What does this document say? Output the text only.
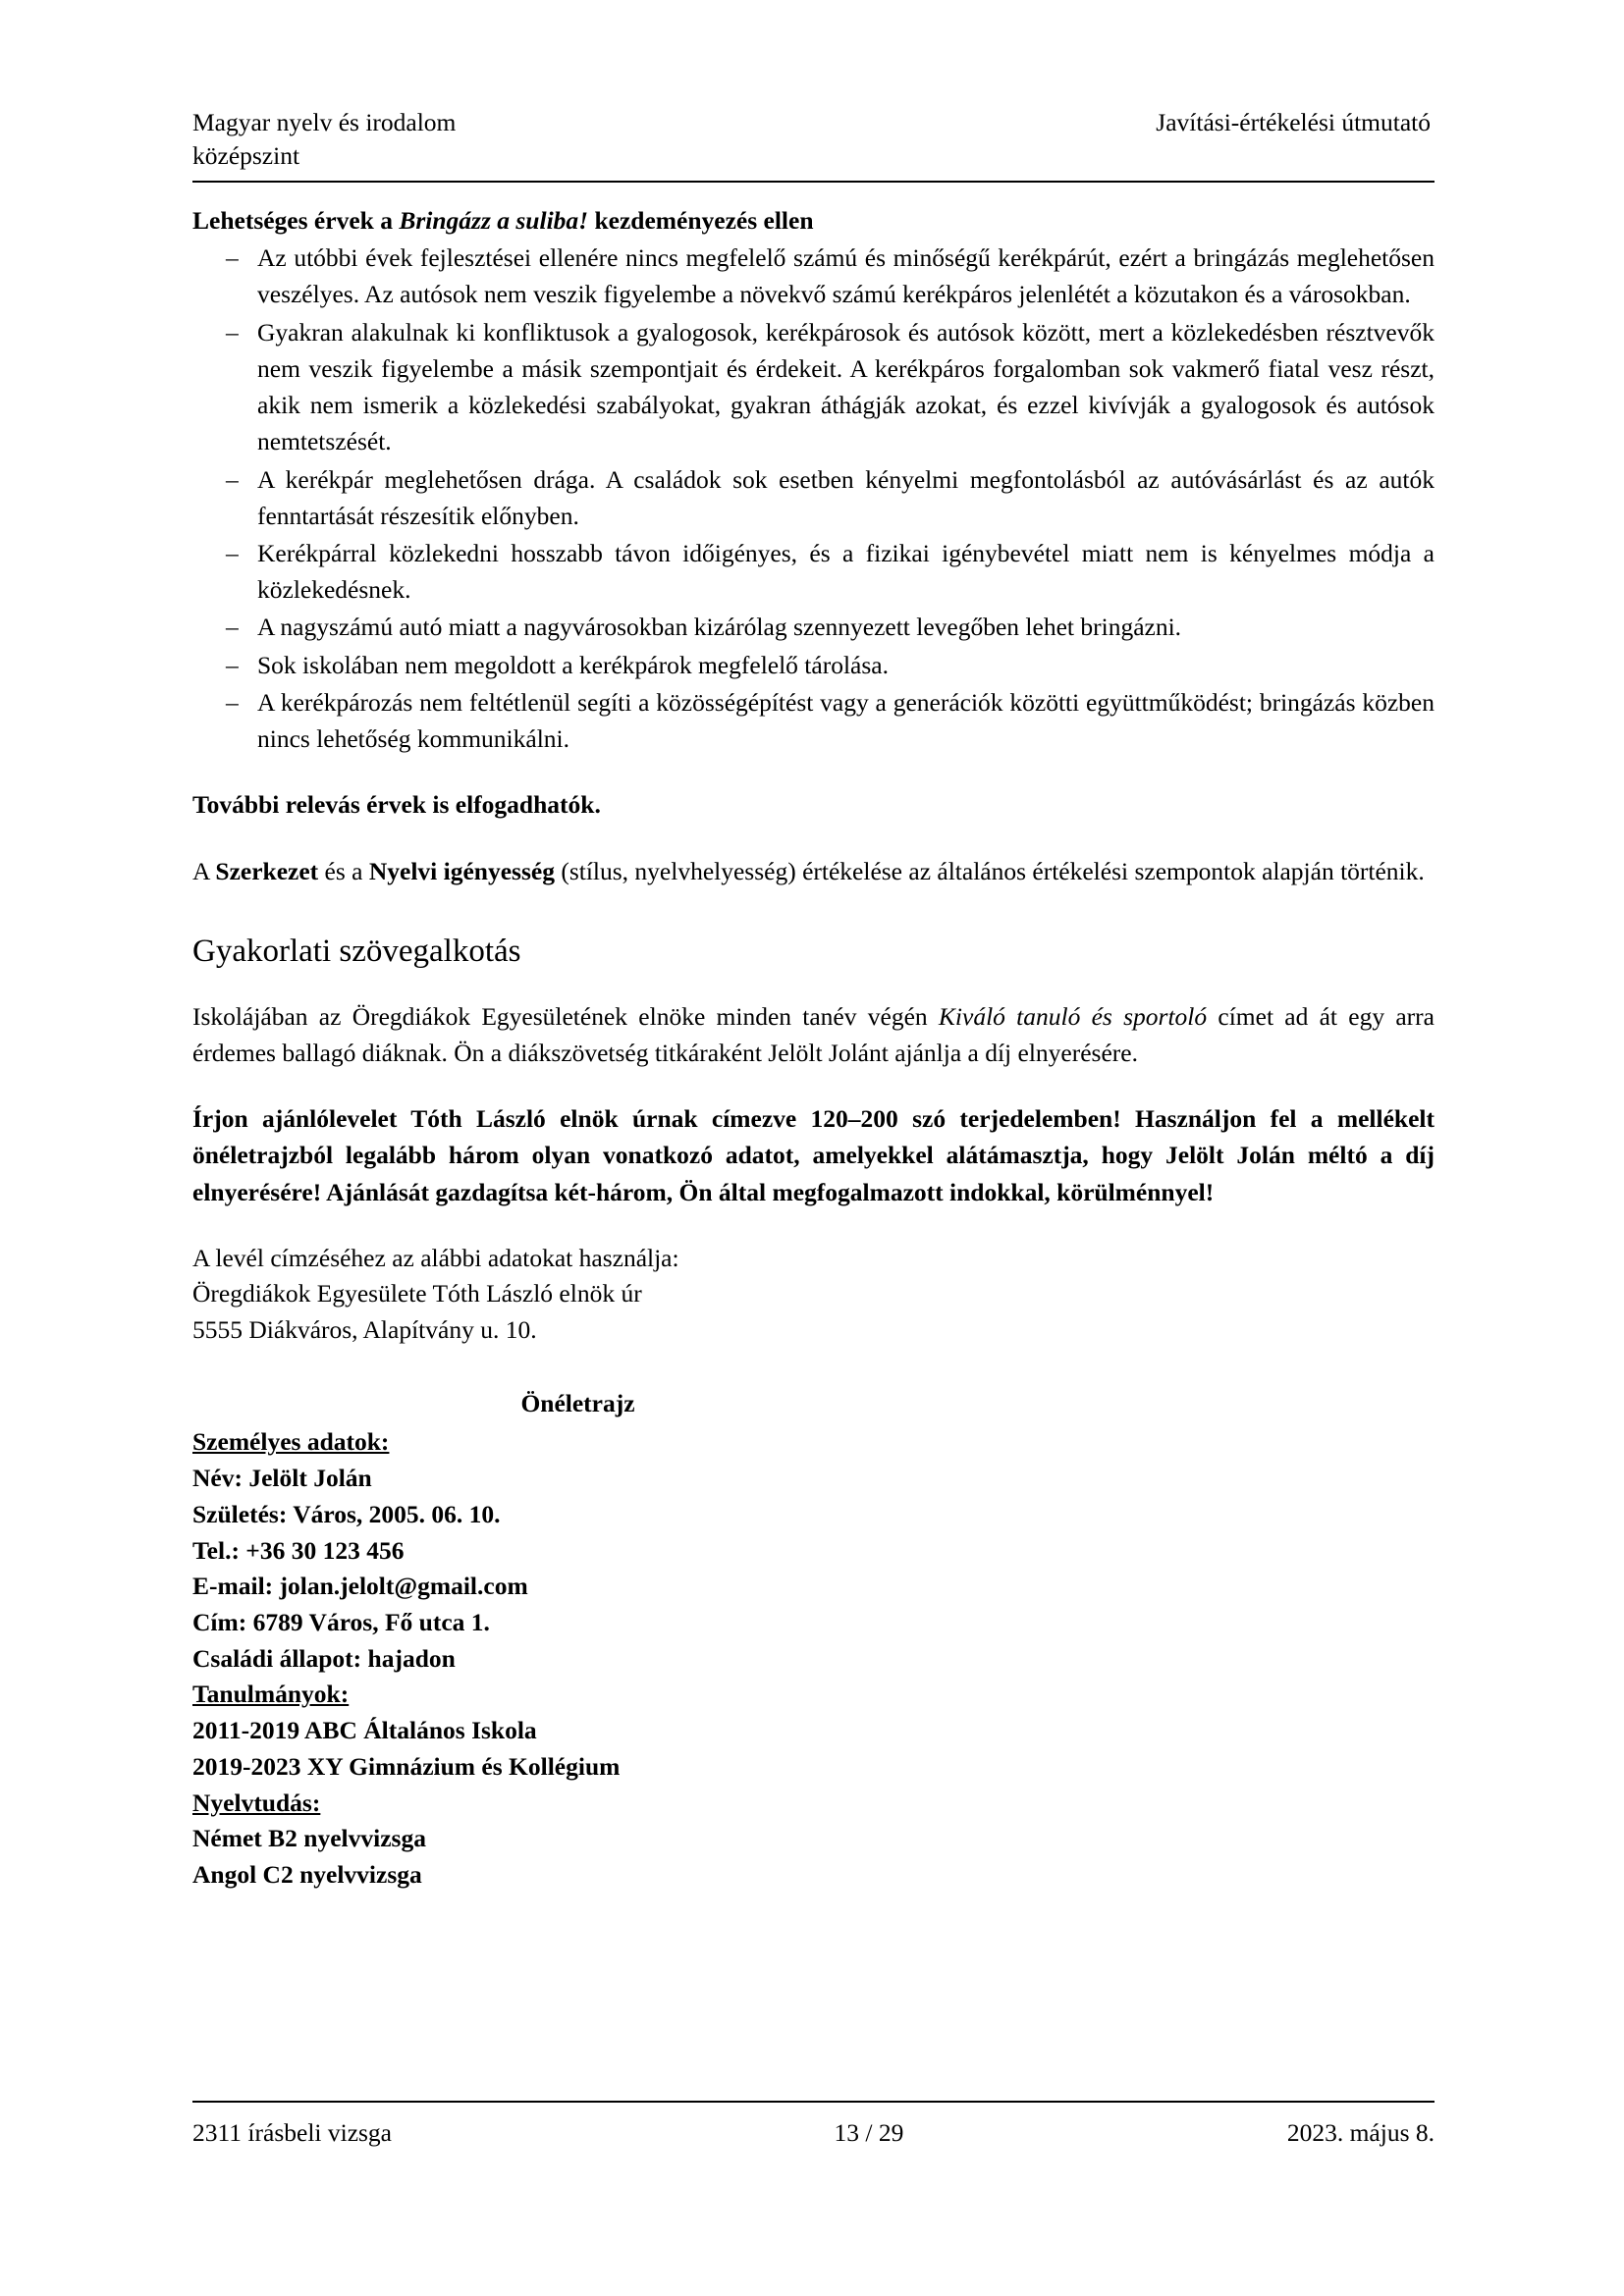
Magyar nyelv és irodalom
középszint
Javítási-értékelési útmutató
Lehetséges érvek a Bringázz a suliba! kezdeményezés ellen
– Az utóbbi évek fejlesztései ellenére nincs megfelelő számú és minőségű kerékpárút, ezért a bringázás meglehetősen veszélyes. Az autósok nem veszik figyelembe a növekvő számú kerékpáros jelenlétét a közutakon és a városokban.
– Gyakran alakulnak ki konfliktusok a gyalogosok, kerékpárosok és autósok között, mert a közlekedésben résztvevők nem veszik figyelembe a másik szempontjait és érdekeit. A kerékpáros forgalomban sok vakmerő fiatal vesz részt, akik nem ismerik a közlekedési szabályokat, gyakran áthágják azokat, és ezzel kivívják a gyalogosok és autósok nemtetszését.
– A kerékpár meglehetősen drága. A családok sok esetben kényelmi megfontolásból az autóvásárlást és az autók fenntartását részesítik előnyben.
– Kerékpárral közlekedni hosszabb távon időigényes, és a fizikai igénybevétel miatt nem is kényelmes módja a közlekedésnek.
– A nagyszámú autó miatt a nagyvárosokban kizárólag szennyezett levegőben lehet bringázni.
– Sok iskolában nem megoldott a kerékpárok megfelelő tárolása.
– A kerékpározás nem feltétlenül segíti a közösségépítést vagy a generációk közötti együttműködést; bringázás közben nincs lehetőség kommunikálni.

További relevás érvek is elfogadhatók.

A Szerkezet és a Nyelvi igényesség (stílus, nyelvhelyesség) értékelése az általános értékelési szempontok alapján történik.

Gyakorlati szövegalkotás

Iskolájában az Öregdiákok Egyesületének elnöke minden tanév végén Kiváló tanuló és sportoló címet ad át egy arra érdemes ballagó diáknak. Ön a diákszövetség titkáraként Jelölt Jolánt ajánlja a díj elnyerésére.

Írjon ajánlólevelet Tóth László elnök úrnak címezve 120–200 szó terjedelemben! Használjon fel a mellékelt önéletrajzból legalább három olyan vonatkozó adatot, amelyekkel alátámasztja, hogy Jelölt Jolán méltó a díj elnyerésére! Ajánlását gazdagítsa két-három, Ön által megfogalmazott indokkal, körülménnyel!

A levél címzéséhez az alábbi adatokat használja:

Öregdiákok Egyesülete Tóth László elnök úr

5555 Diákváros, Alapítvány u. 10.

Önéletrajz
Személyes adatok:
Név: Jelölt Jolán
Születés: Város, 2005. 06. 10.
Tel.: +36 30 123 456
E-mail: jolan.jelolt@gmail.com
Cím: 6789 Város, Fő utca 1.
Családi állapot: hajadon
Tanulmányok:
2011-2019 ABC Általános Iskola
2019-2023 XY Gimnázium és Kollégium
Nyelvtudás:
Német B2 nyelvvizsga
Angol C2 nyelvvizsga
2311 írásbeli vizsga	13 / 29	2023. május 8.
